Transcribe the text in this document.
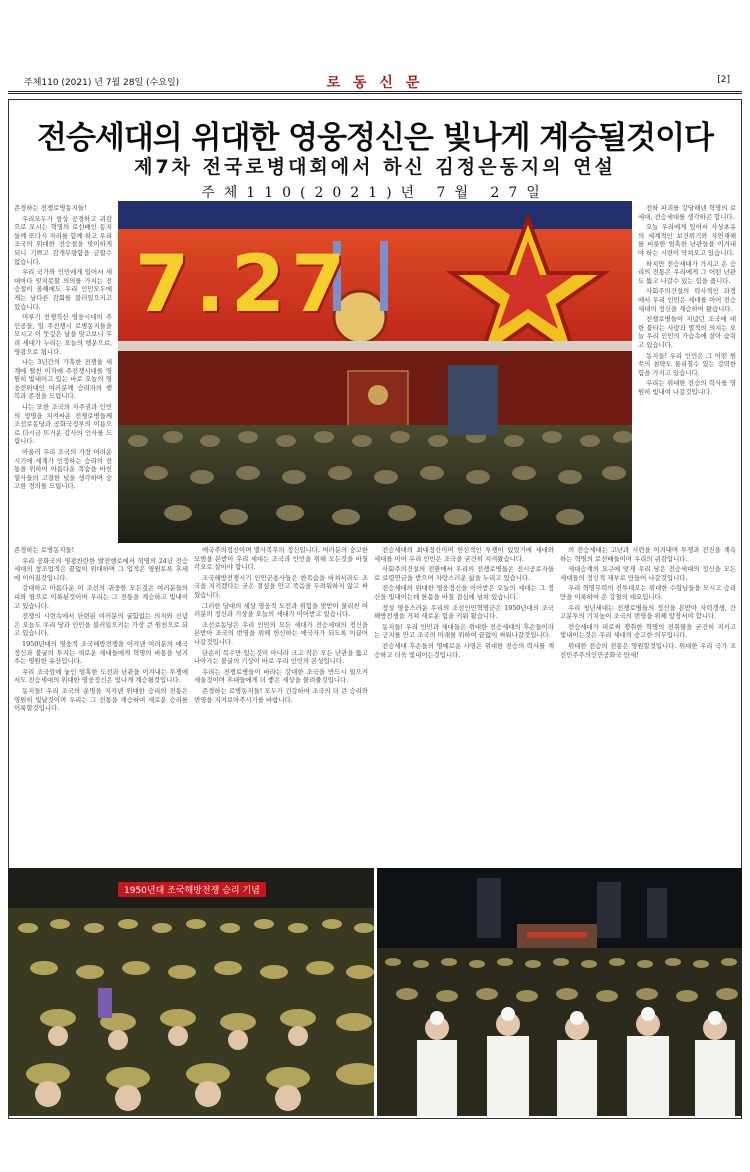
주체110 (2021) 년 7월 28일 (수요일)	로 동 신 문	[2]
전승세대의 위대한 영웅정신은 빛나게 계승될것이다
제7차 전국로병대회에서 하신 김정은동지의 연설
주체110(2021)년 7월 27일
7.27

존경하는 전쟁로병동지들!

우리모두가 항상 공경하고 귀감으로 모시는 혁명의 로선배인 동지들께 또다시 자리를 함께 하고 우리 조국의 위대한 전승절을 맞이하게 되니 기쁘고 감개무량함을 금할수 없습니다.

우리 국가와 인민에게 있어서 세대마다 잊지못할 의의를 가지는 전승절이 올해에도 우리 인민모두에게는 남다른 감회를 불러일으키고 있습니다.

머루기 전쟁직선 영웅시대의 주인공들, 일 주전쟁시 로병동지들을 모시고 이 뜻깊은 날을 맞고보니 우리 세대가 누리는 오늘의 행운으로, 영광으로 됩니다.

나는 3년간의 가혹한 전쟁을 세계에 떨친 이자에 주전쟁시대를 영원히 빛내이고 있는 바로 오늘의 영웅전위대인 여러분께 승리자의 행복과 존경을 드립니다.

나는 또한 조국의 자주권과 인민의 생명을 지켜싸운 전쟁로병들께 조선로동당과 공화국정부의 이름으로 다시금 뜨거운 감사의 인사를 드립니다.

아울러 우리 조국의 가장 어려운 시기에 세계가 인정하는 승리의 전통을 위하여 아름다운 목숨을 바친 열사들의 고결한 넋을 생각하며 숭고한 경의를 드립니다.

전하 파괴를 강당해낸 혁명의 로세대, 전승세대를 생각하곤 합니다.

오늘 우리에게 있어서 사상초유의 세계적인 보건위기와 자연재해를 비롯한 엄혹한 난관들을 이겨내야 하는 시련이 닥쳐오고 있습니다.

하지만 전승세대가 가지고 온 승리의 전통은 우리에게 그 어떤 난관도 뚫고 나갈수 있는 힘을 줍니다.

사회주의건설의 력사적인 과정에서 우리 인민은 세대를 이어 전승세대의 정신을 계승하여 왔습니다.

전쟁로병들이 지녔던 조국에 대한 불타는 사랑과 멸적의 의지는 오늘 우리 인민의 가슴속에 살아 숨쉬고 있습니다.

동지들! 우리 인민은 그 어떤 원쑤의 침략도 물리칠수 있는 강력한 힘을 가지고 있습니다.

우리는 위대한 전승의 력사를 영원히 빛내여 나갈것입니다.

존경하는 로병동지들!

우리 공화국의 영광찬란한 발전행로에서 혁명의 24년 전승세대의 창조업적은 끝없이 위대하며 그 업적은 영원토록 후세에 이어질것입니다.

강대하고 아름다운 이 조선의 귀중한 모든것은 여러분들의 피와 땀으로 이룩된것이며 우리는 그 전통을 계승하고 빛내이고 있습니다.

전쟁의 시련속에서 단련된 여러분의 굴함없는 의지와 신념은 오늘도 우리 당과 인민을 불러일으키는 가장 큰 원천으로 되고 있습니다.

1950년대의 영웅적 조국해방전쟁을 이겨낸 여러분의 애국정신과 불굴의 투지는 새로운 세대들에게 혁명의 바통을 넘겨주는 영원한 유산입니다.

우리 조국앞에 놓인 엄혹한 도전과 난관을 이겨내는 투쟁에서도 전승세대의 위대한 영웅정신은 빛나게 계승될것입니다.

동지들! 우리 조국의 운명을 지켜낸 위대한 승리의 전통은 영원히 빛날것이며 우리는 그 전통을 계승하여 새로운 승리를 이룩할것입니다.

애국주의정신이며 멸사복무의 정신입니다. 여러분의 숭고한 모범을 본받아 우리 세대는 조국과 인민을 위해 모든것을 바칠 각오로 살아야 합니다.

조국해방전쟁시기 인민군용사들은 한목숨을 바쳐서라도 조국을 지키겠다는 굳은 결심을 안고 죽음을 두려워하지 않고 싸웠습니다.

그러한 당대의 세상 영웅적 도전과 위험을 맞받아 물리친 여러분의 정신과 기상을 오늘의 세대가 이어받고 있습니다.

조선로동당은 우리 인민의 모든 세대가 전승세대의 정신을 본받아 조국의 번영을 위해 헌신하는 애국자가 되도록 이끌어 나갈것입니다.

단순히 복수만 있는것이 아니라 크고 작은 모든 난관을 뚫고 나아가는 불굴의 기상이 바로 우리 인민의 본성입니다.

우리는 전쟁로병들이 바라는 강대한 조국을 반드시 일으켜세울것이며 후대들에게 더 좋은 세상을 물려줄것입니다.

존경하는 로병동지들! 모두가 건강하여 조국의 더 큰 승리와 번영을 지켜보아주시기를 바랍니다.

전승세대의 최대정신이며 헌신적인 투쟁이 있었기에 세대와 세대를 이어 우리 인민은 조국을 굳건히 지켜왔습니다.

사회주의건설의 전환에서 우리의 전쟁로병들은 전시공로자들로 로령연금을 받으며 자랑스러운 삶을 누리고 있습니다.

전승세대의 위대한 영웅정신을 이어받은 오늘의 세대는 그 정신을 빛내이는데 한몸을 바칠 결심에 넘쳐 있습니다.

정성 영웅스러운 우리의 조선인민혁명군은 1950년대의 조국해방전쟁을 거쳐 새로운 힘을 키워 왔습니다.

동지들! 우리 인민과 세대들은 위대한 전승세대의 후손들이라는 긍지를 안고 조국의 미래를 위하여 끝없이 싸워나갈것입니다.

전승세대 후손들의 영예로운 사명은 위대한 전승의 력사를 계승하고 더욱 빛내이는것입니다.

의 전승세대는 고난과 시련을 이겨내며 투쟁과 전진을 계속하는 혁명의 로선배들이며 우리의 귀감입니다.

세대승계의 요구에 맞게 우리 당은 전승세대의 정신을 모든 세대들의 정신적 재부로 만들어 나갈것입니다.

우리 혁명무력의 전투대오는 위대한 수령님들을 모시고 승리만을 이룩하여 온 강철의 대오입니다.

우리 청년세대는 전쟁로병들의 정신을 본받아 자력갱생, 간고분투의 기치높이 조국의 번영을 위해 앞장서야 합니다.

전승세대가 피로써 쟁취한 혁명의 전취물을 굳건히 지키고 빛내이는것은 우리 세대의 숭고한 의무입니다.

위대한 전승의 전통은 영원할것입니다. 위대한 우리 국가 조선민주주의인민공화국 만세!

1950년대 조국해방전쟁 승리 기념
